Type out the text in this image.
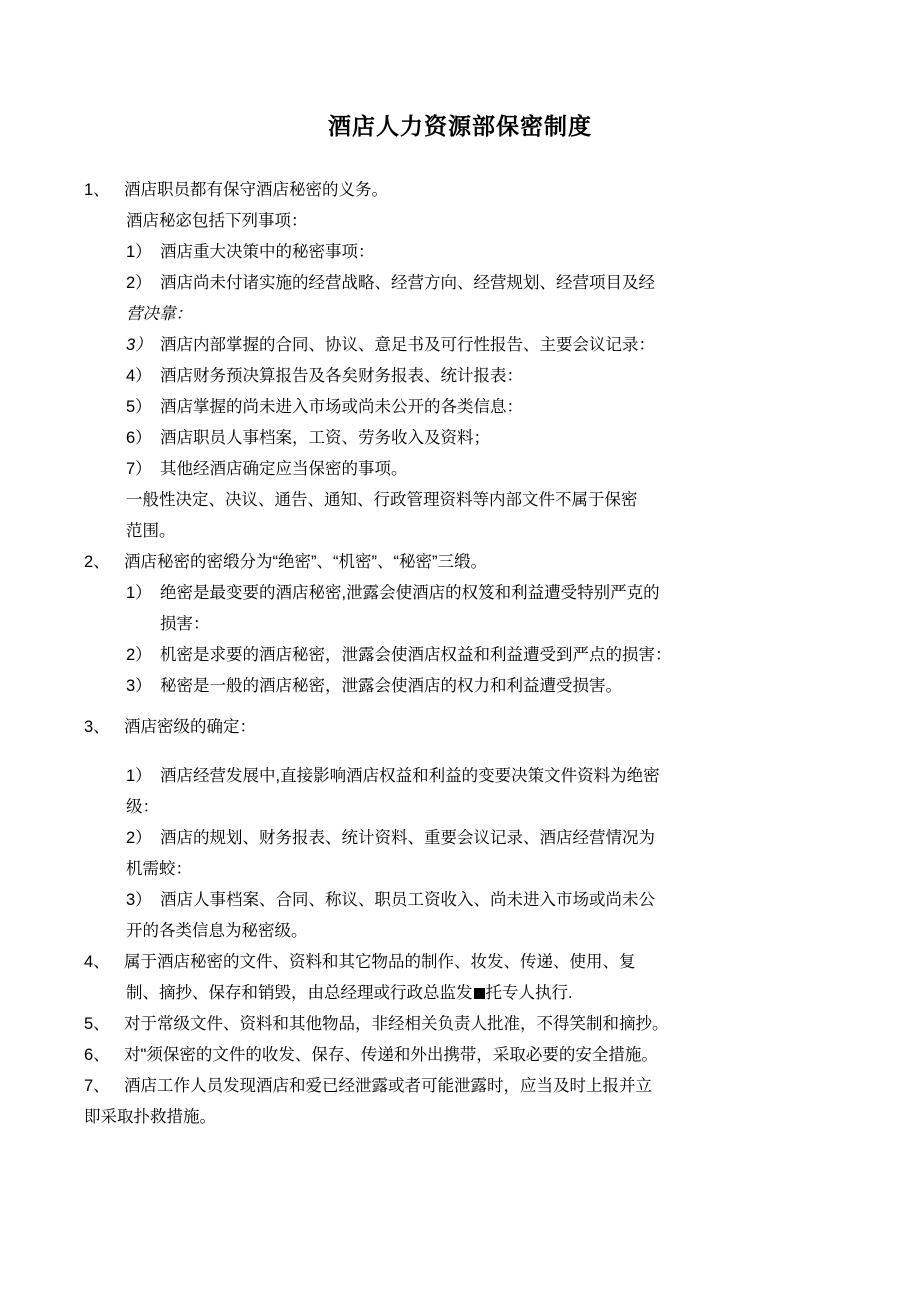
酒店人力资源部保密制度
1、 酒店职员都有保守酒店秘密的义务。
酒店秘宓包括下列事项：
1） 酒店重大决策中的秘密事项：
2） 酒店尚未付诸实施的经营战略、经营方向、经营规划、经营项目及经
营决靠：
3） 酒店内部掌握的合同、协议、意足书及可行性报告、主要会议记录：
4） 酒店财务预决算报告及各矣财务报表、统计报表：
5） 酒店掌握的尚未进入市场或尚未公开的各类信息：
6） 酒店职员人事档案，工资、劳务收入及资料；
7） 其他经酒店确定应当保密的事项。
一般性决定、决议、通告、通知、行政管理资料等内部文件不属于保密
范围。
2、 酒店秘密的密缎分为“绝密”、“机密”、“秘密”三缎。
1） 绝密是最变要的酒店秘密,泄露会使酒店的权笈和利益遭受特别严克的
损害：
2） 机密是求要的酒店秘密，泄露会使酒店权益和利益遭受到严点的损害：
3） 秘密是一般的酒店秘密，泄露会使酒店的权力和利益遭受损害。
3、 酒店密级的确定：
1） 酒店经营发展中,直接影响酒店权益和利益的变要决策文件资料为绝密
级：
2） 酒店的规划、财务报表、统计资料、重要会议记录、酒店经营情况为
机需蛟：
3） 酒店人事档案、合同、称议、职员工资收入、尚未进入市场或尚未公
开的各类信息为秘密级。
4、 属于酒店秘密的文件、资料和其它物品的制作、妆发、传递、使用、复
制、摘抄、保存和销毁，由总经理或行政总监发 托专人执行.
5、 对于常级文件、资料和其他物品，非经相关负责人批准，不得笑制和摘抄。
6、 对"须保密的文件的收发、保存、传递和外出携带，采取必要的安全措施。
7、 酒店工作人员发现酒店和爱已经泄露或者可能泄露时，应当及时上报并立
即采取扑救措施。
